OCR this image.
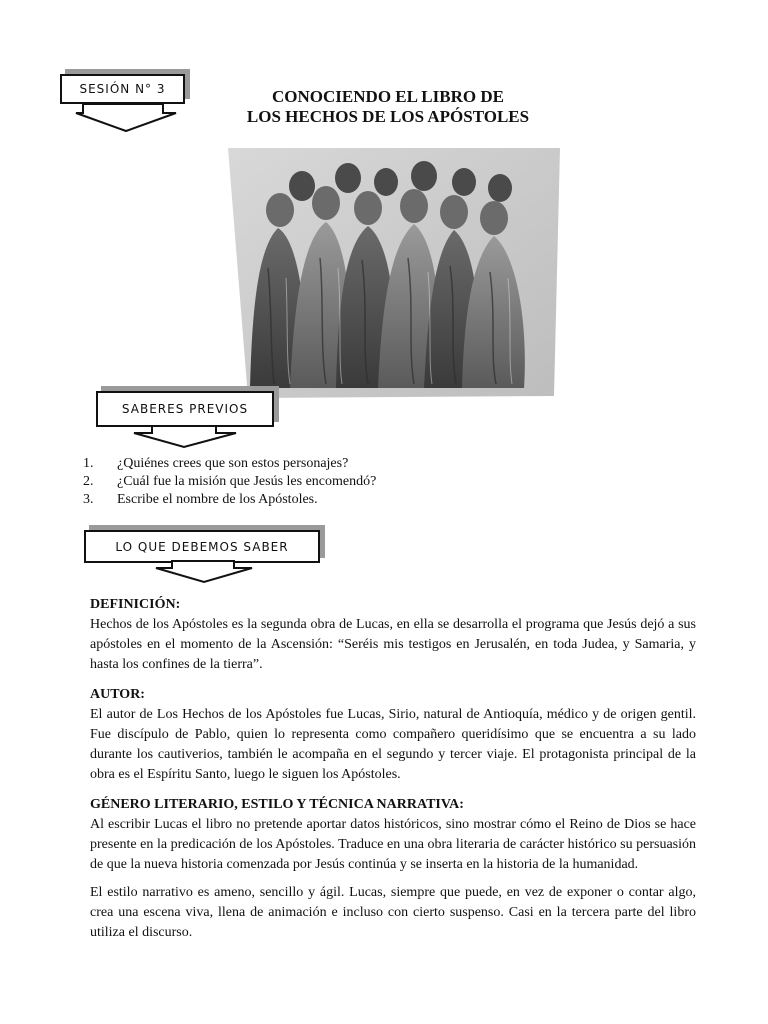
SESIÓN N° 3	CONOCIENDO EL LIBRO DE
LOS HECHOS DE LOS APÓSTOLES
SABERES PREVIOS
1.	¿Quiénes crees que son estos personajes?
2.	¿Cuál fue la misión que Jesús les encomendó?
3.	Escribe el nombre de los Apóstoles.
LO QUE DEBEMOS SABER
DEFINICIÓN:

Hechos de los Apóstoles es la segunda obra de Lucas, en ella se desarrolla el programa que Jesús dejó a sus apóstoles en el momento de la Ascensión: “Seréis mis testigos en Jerusalén, en toda Judea, y Samaria, y hasta los confines de la tierra”.

AUTOR:

El autor de Los Hechos de los Apóstoles fue Lucas, Sirio, natural de Antioquía, médico y de origen gentil. Fue discípulo de Pablo, quien lo representa como compañero queridísimo que se encuentra a su lado durante los cautiverios, también le acompaña en el segundo y tercer viaje. El protagonista principal de la obra es el Espíritu Santo, luego le siguen los Apóstoles.

GÉNERO LITERARIO, ESTILO Y TÉCNICA NARRATIVA:

Al escribir Lucas el libro no pretende aportar datos históricos, sino mostrar cómo el Reino de Dios se hace presente en la predicación de los Apóstoles. Traduce en una obra literaria de carácter histórico su persuasión de que la nueva historia comenzada por Jesús continúa y se inserta en la historia de la humanidad.

El estilo narrativo es ameno, sencillo y ágil. Lucas, siempre que puede, en vez de exponer o contar algo, crea una escena viva, llena de animación e incluso con cierto suspenso. Casi en la tercera parte del libro utiliza el discurso.
